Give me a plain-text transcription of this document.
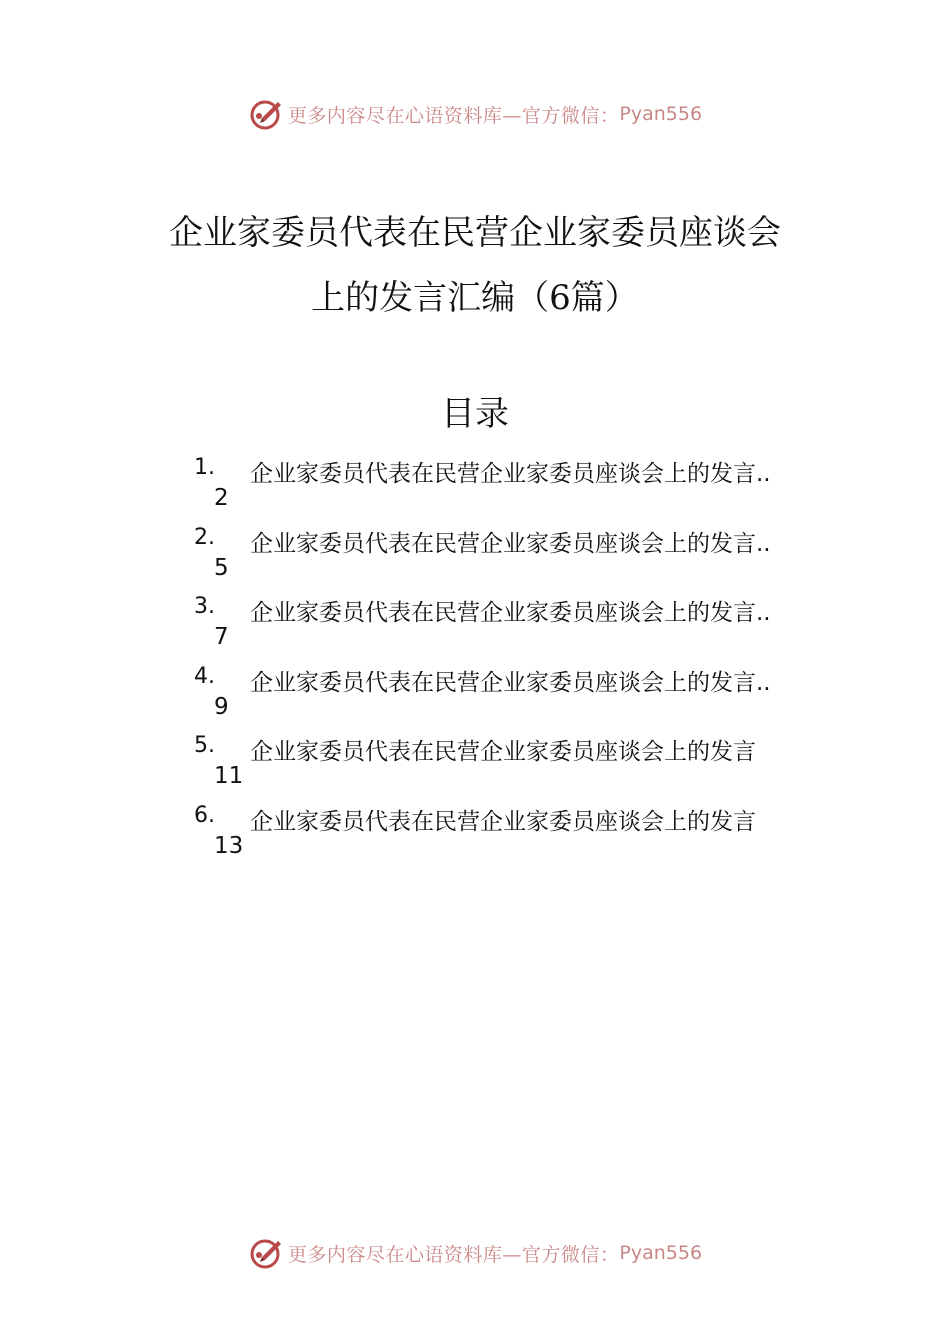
更多内容尽在心语资料库—官方微信： Pyan556
企业家委员代表在民营企业家委员座谈会
上的发言汇编（6篇）
目录
1. 企业家委员代表在民营企业家委员座谈会上的发言..
2
2. 企业家委员代表在民营企业家委员座谈会上的发言..
5
3. 企业家委员代表在民营企业家委员座谈会上的发言..
7
4. 企业家委员代表在民营企业家委员座谈会上的发言..
9
5. 企业家委员代表在民营企业家委员座谈会上的发言
11
6. 企业家委员代表在民营企业家委员座谈会上的发言
13
更多内容尽在心语资料库—官方微信： Pyan556
